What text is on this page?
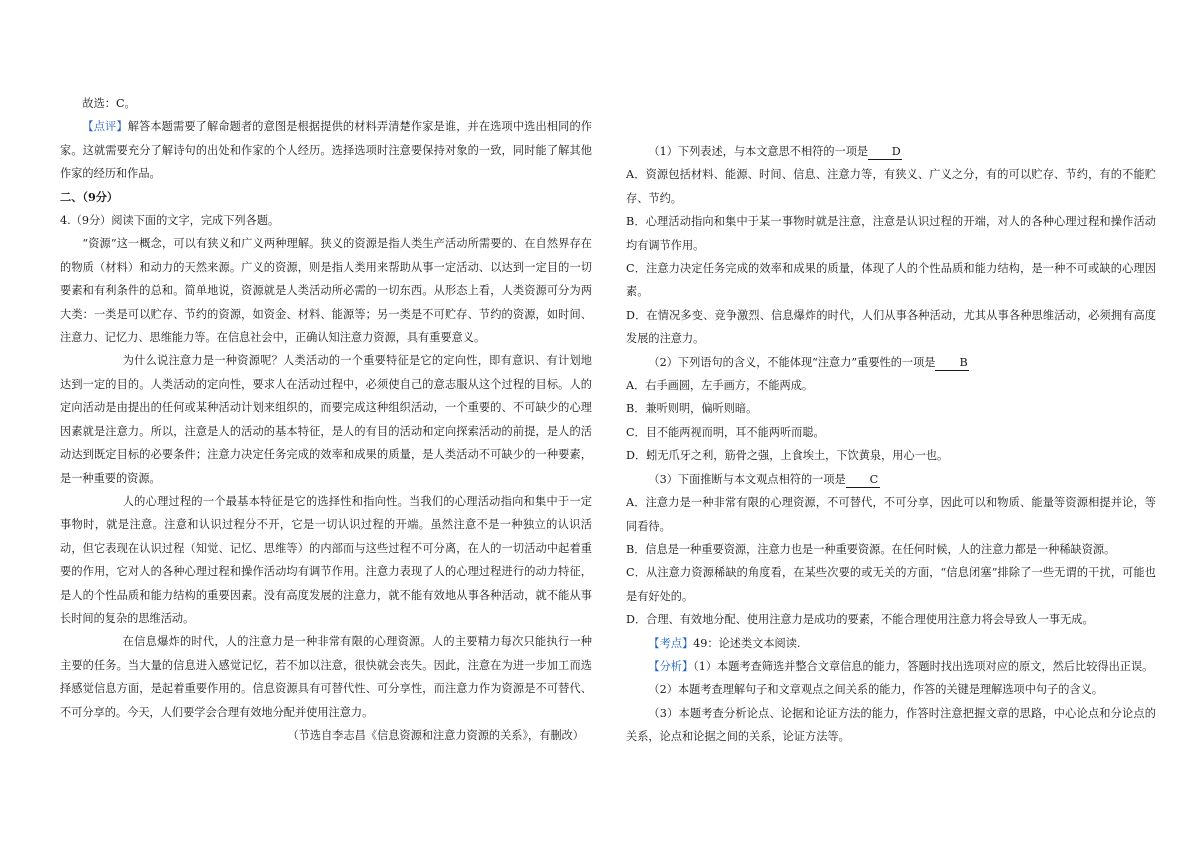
故选：C。

【点评】解答本题需要了解命题者的意图是根据提供的材料弄清楚作家是谁，并在选项中选出相同的作家。这就需要充分了解诗句的出处和作家的个人经历。选择选项时注意要保持对象的一致，同时能了解其他作家的经历和作品。

二、（9分）

4.（9分）阅读下面的文字，完成下列各题。

“资源”这一概念，可以有狭义和广义两种理解。狭义的资源是指人类生产活动所需要的、在自然界存在的物质（材料）和动力的天然来源。广义的资源，则是指人类用来帮助从事一定活动、以达到一定目的一切要素和有利条件的总和。简单地说，资源就是人类活动所必需的一切东西。从形态上看，人类资源可分为两大类：一类是可以贮存、节约的资源，如资金、材料、能源等；另一类是不可贮存、节约的资源，如时间、注意力、记忆力、思维能力等。在信息社会中，正确认知注意力资源，具有重要意义。

为什么说注意力是一种资源呢？人类活动的一个重要特征是它的定向性，即有意识、有计划地达到一定的目的。人类活动的定向性，要求人在活动过程中，必须使自己的意志服从这个过程的目标。人的定向活动是由提出的任何或某种活动计划来组织的，而要完成这种组织活动，一个重要的、不可缺少的心理因素就是注意力。所以，注意是人的活动的基本特征，是人的有目的活动和定向探索活动的前提，是人的活动达到既定目标的必要条件；注意力决定任务完成的效率和成果的质量，是人类活动不可缺少的一种要素，是一种重要的资源。

人的心理过程的一个最基本特征是它的选择性和指向性。当我们的心理活动指向和集中于一定事物时，就是注意。注意和认识过程分不开，它是一切认识过程的开端。虽然注意不是一种独立的认识活动，但它表现在认识过程（知觉、记忆、思维等）的内部而与这些过程不可分离，在人的一切活动中起着重要的作用，它对人的各种心理过程和操作活动均有调节作用。注意力表现了人的心理过程进行的动力特征，是人的个性品质和能力结构的重要因素。没有高度发展的注意力，就不能有效地从事各种活动，就不能从事长时间的复杂的思维活动。

在信息爆炸的时代，人的注意力是一种非常有限的心理资源。人的主要精力每次只能执行一种主要的任务。当大量的信息进入感觉记忆，若不加以注意，很快就会丧失。因此，注意在为进一步加工而选择感觉信息方面，是起着重要作用的。信息资源具有可替代性、可分享性，而注意力作为资源是不可替代、不可分享的。今天，人们要学会合理有效地分配并使用注意力。

（节选自李志昌《信息资源和注意力资源的关系》，有删改）

（1）下列表述，与本文意思不相符的一项是 D

A．资源包括材料、能源、时间、信息、注意力等，有狭义、广义之分，有的可以贮存、节约，有的不能贮存、节约。

B．心理活动指向和集中于某一事物时就是注意，注意是认识过程的开端，对人的各种心理过程和操作活动均有调节作用。

C．注意力决定任务完成的效率和成果的质量，体现了人的个性品质和能力结构，是一种不可或缺的心理因素。

D．在情况多变、竞争激烈、信息爆炸的时代，人们从事各种活动，尤其从事各种思维活动，必须拥有高度发展的注意力。

（2）下列语句的含义，不能体现“注意力”重要性的一项是 B

A．右手画圆，左手画方，不能两成。

B．兼听则明，偏听则暗。

C．目不能两视而明，耳不能两听而聪。

D．蚓无爪牙之利，筋骨之强，上食埃土，下饮黄泉，用心一也。

（3）下面推断与本文观点相符的一项是 C

A．注意力是一种非常有限的心理资源，不可替代，不可分享，因此可以和物质、能量等资源相提并论，等同看待。

B．信息是一种重要资源，注意力也是一种重要资源。在任何时候，人的注意力都是一种稀缺资源。

C．从注意力资源稀缺的角度看，在某些次要的或无关的方面，“信息闭塞”排除了一些无谓的干扰，可能也是有好处的。

D．合理、有效地分配、使用注意力是成功的要素，不能合理使用注意力将会导致人一事无成。

【考点】49：论述类文本阅读.

【分析】（1）本题考查筛选并整合文章信息的能力，答题时找出选项对应的原文，然后比较得出正误。

（2）本题考查理解句子和文章观点之间关系的能力，作答的关键是理解选项中句子的含义。

（3）本题考查分析论点、论据和论证方法的能力，作答时注意把握文章的思路，中心论点和分论点的关系，论点和论据之间的关系，论证方法等。
